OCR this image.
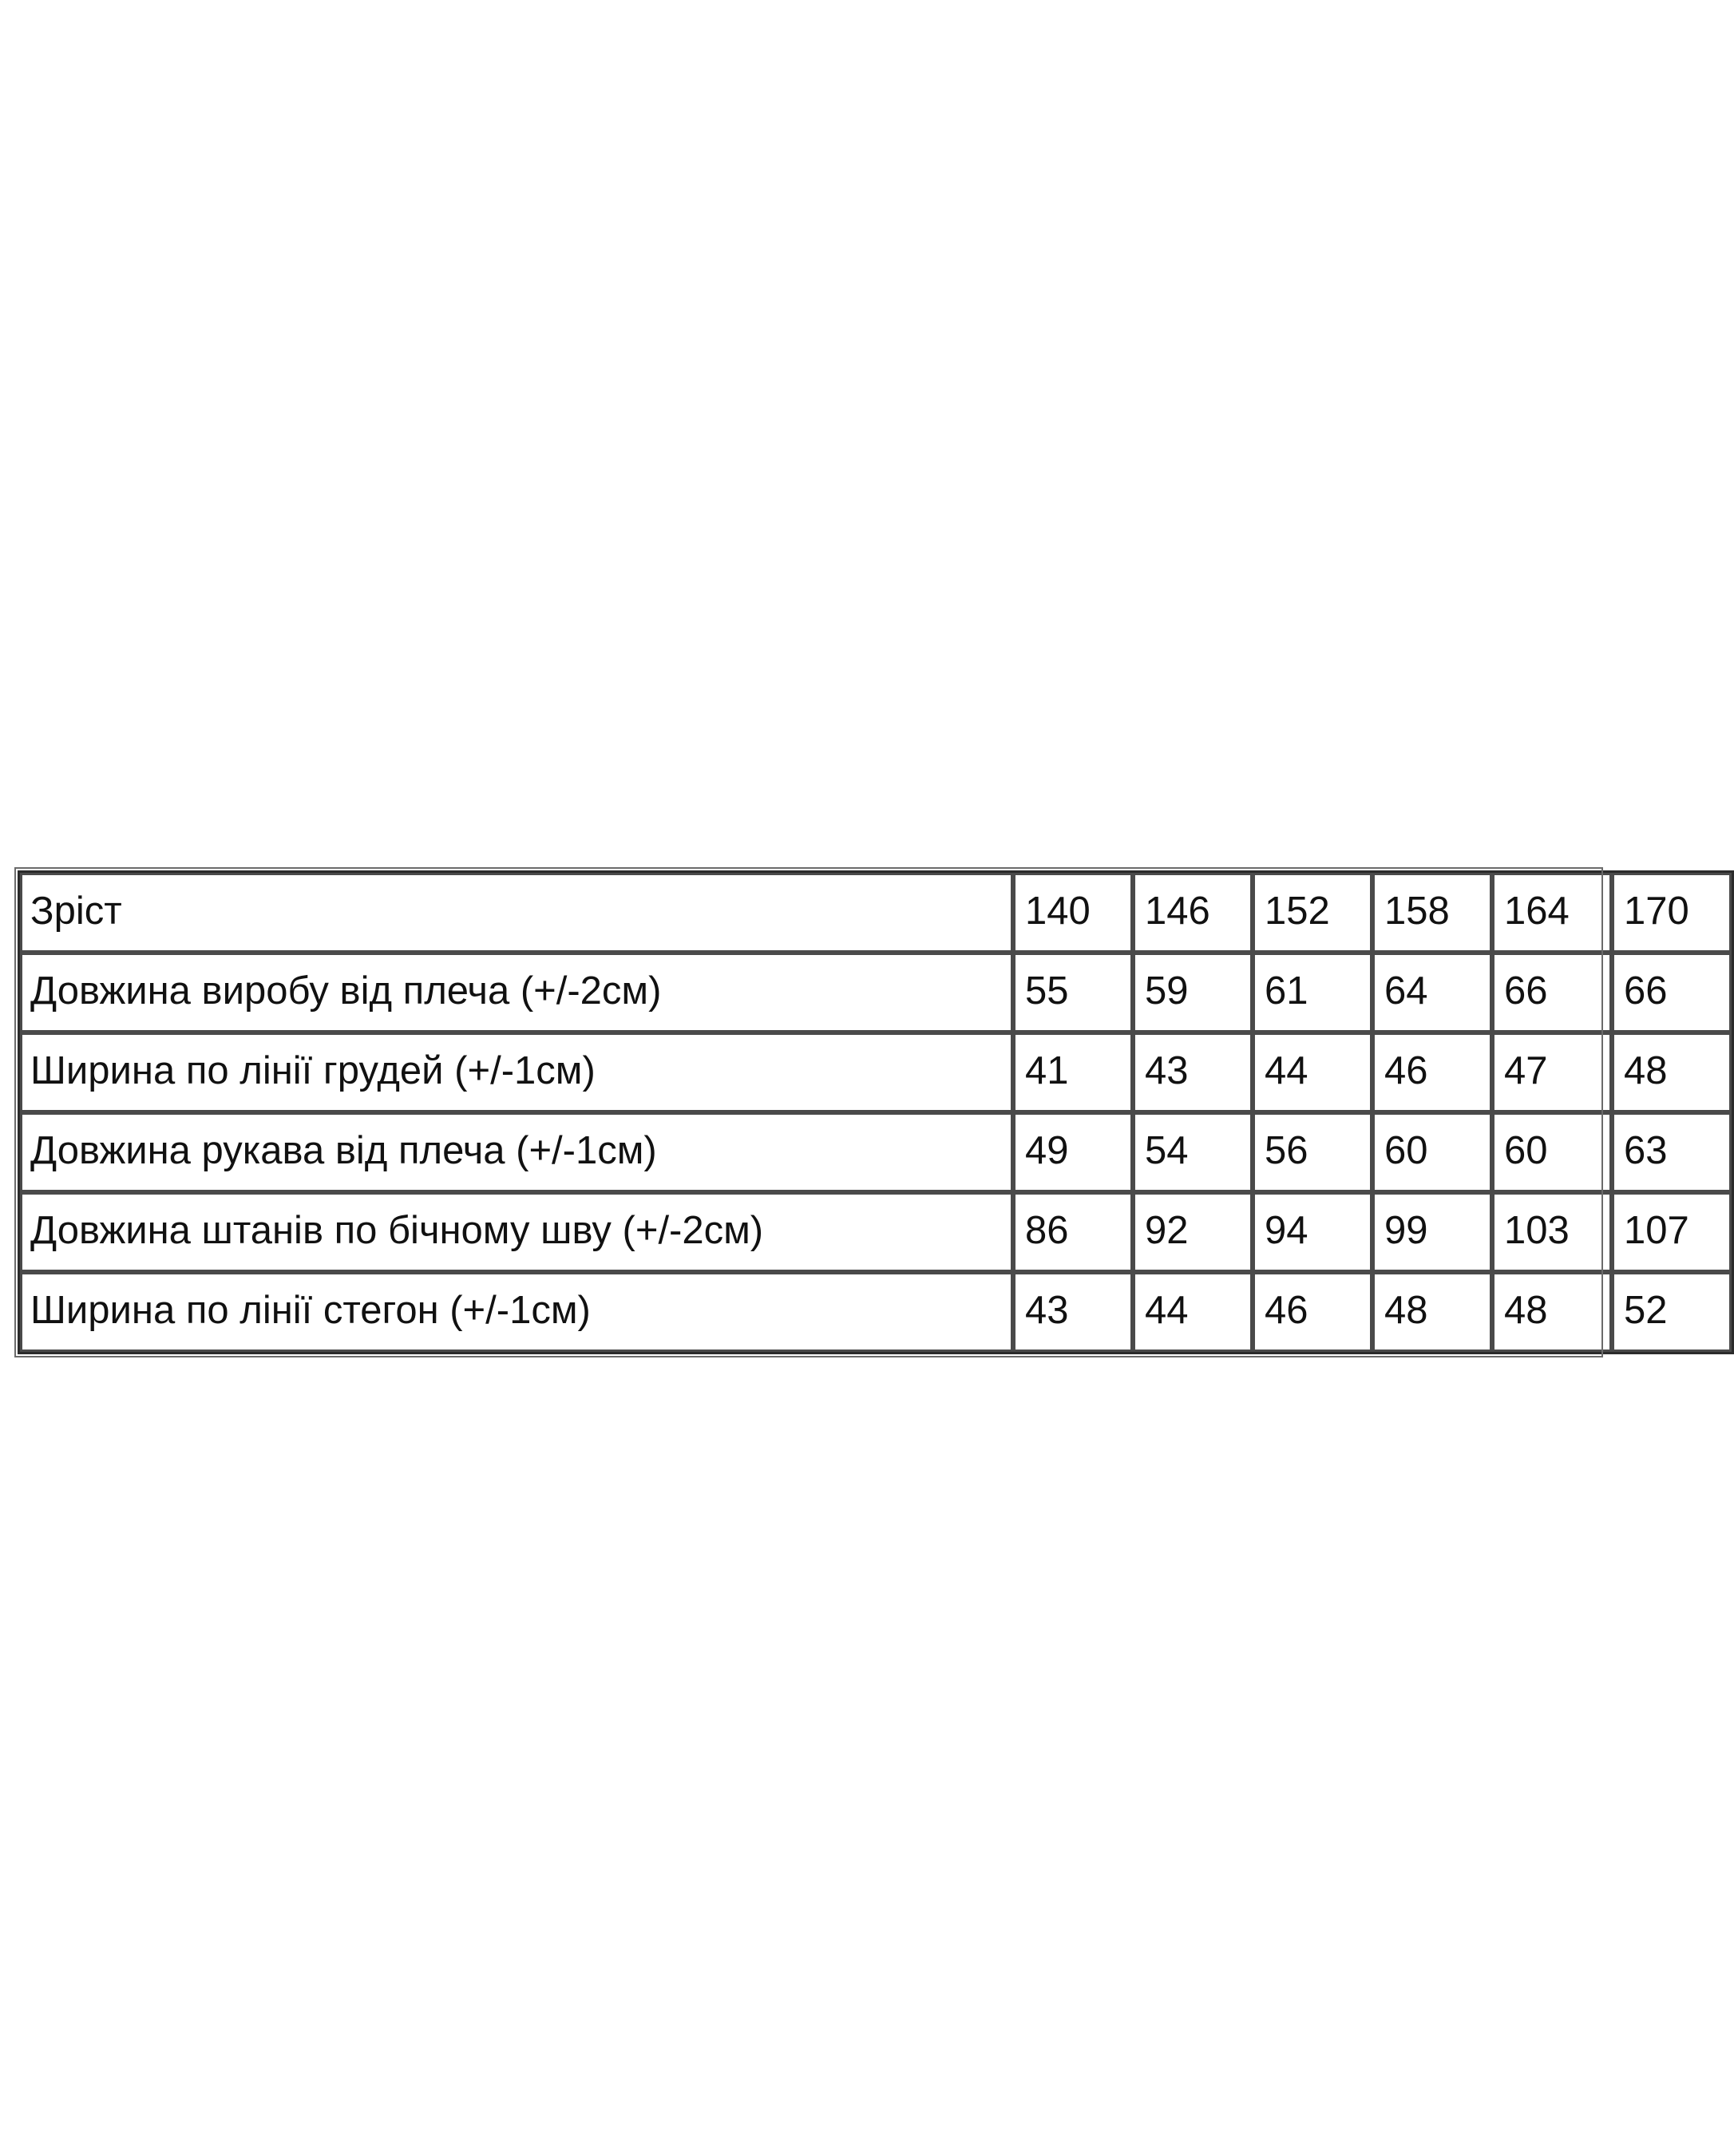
Зріст	140	146	152	158	164	170
Довжина виробу від плеча (+/-2см)	55	59	61	64	66	66
Ширина по лінії грудей (+/-1см)	41	43	44	46	47	48
Довжина рукава від плеча (+/-1см)	49	54	56	60	60	63
Довжина штанів по бічному шву (+/-2см)	86	92	94	99	103	107
Ширина по лінії стегон (+/-1см)	43	44	46	48	48	52
